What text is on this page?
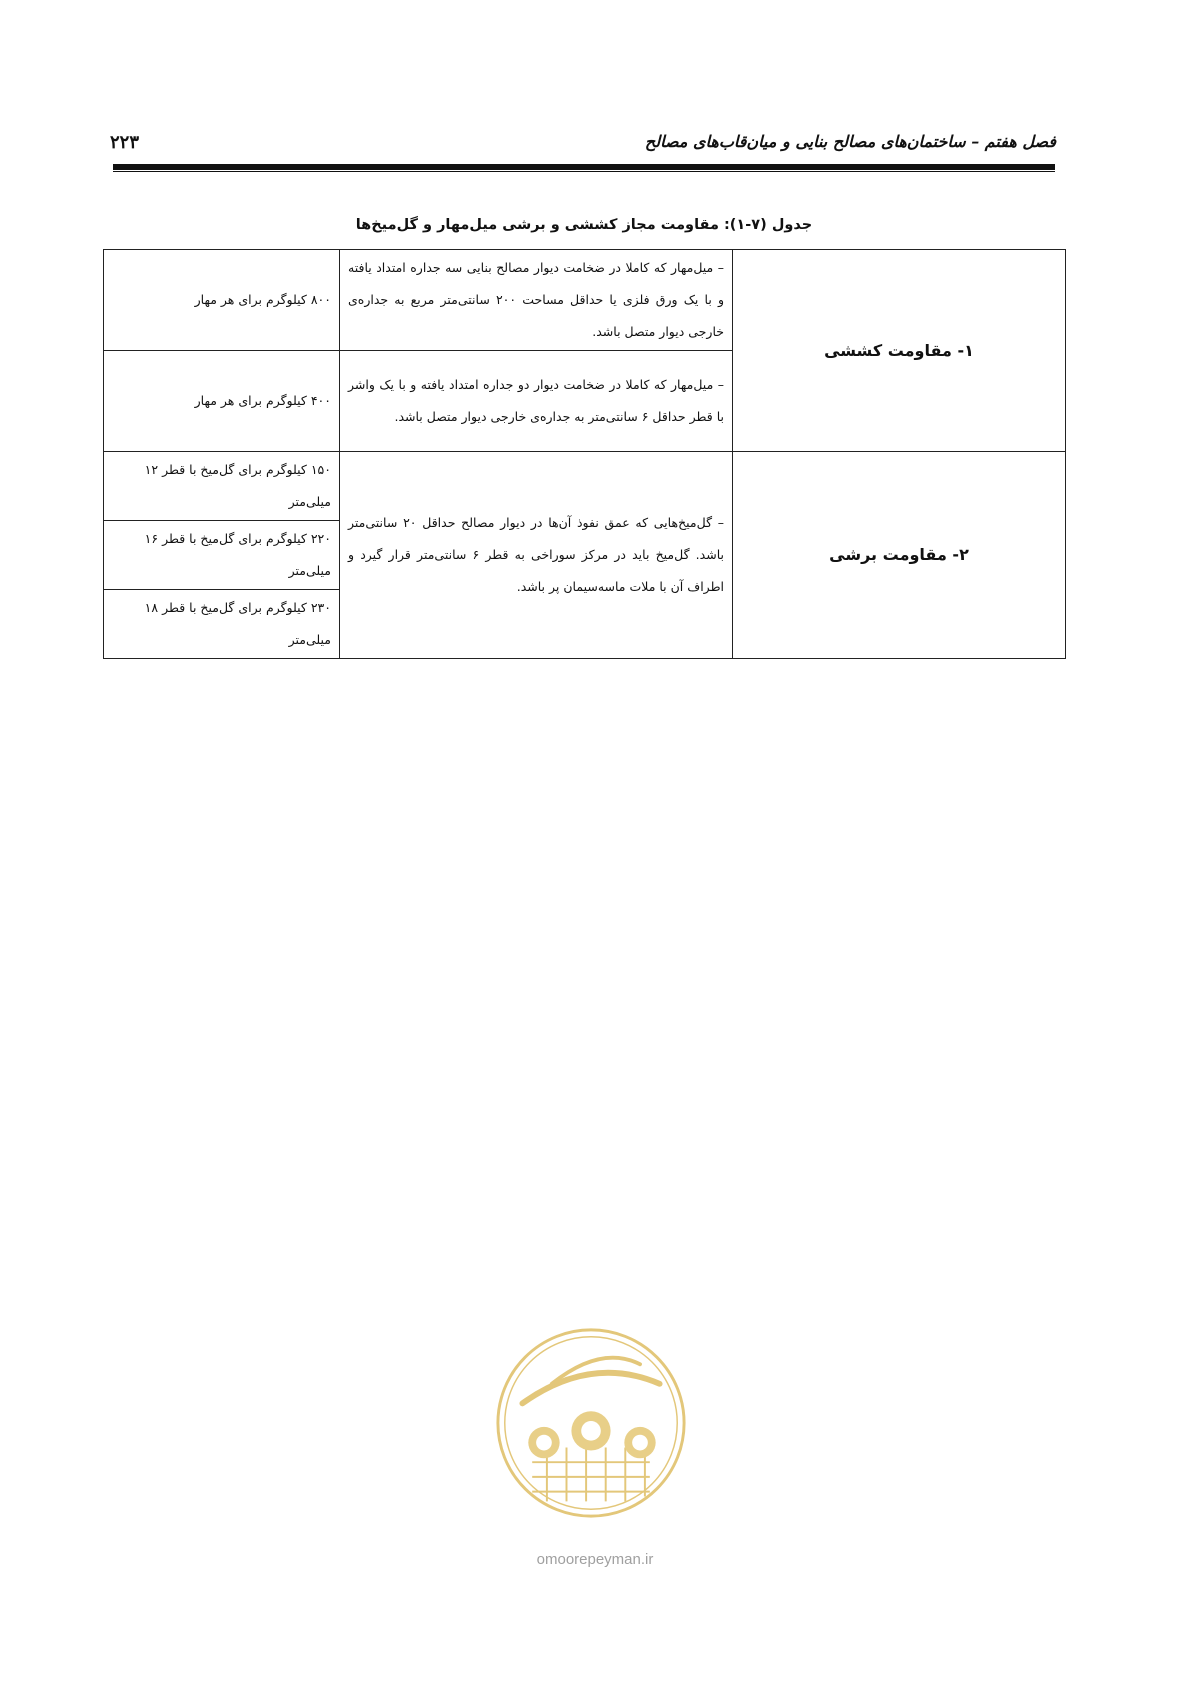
فصل هفتم – ساختمان‌های مصالح بنایی و میان‌قاب‌های مصالح
۲۲۳
جدول (۷-۱): مقاومت مجاز کششی و برشی میل‌مهار و گل‌میخ‌ها
۱- مقاومت کششی	– میل‌مهار که کاملا در ضخامت دیوار مصالح بنایی سه جداره امتداد یافته و با یک ورق فلزی یا حداقل مساحت ۲۰۰ سانتی‌متر مربع به جداره‌ی خارجی دیوار متصل باشد.	۸۰۰ کیلوگرم برای هر مهار
	– میل‌مهار که کاملا در ضخامت دیوار دو جداره امتداد یافته و با یک واشر با قطر حداقل ۶ سانتی‌متر به جداره‌ی خارجی دیوار متصل باشد.	۴۰۰ کیلوگرم برای هر مهار
۲- مقاومت برشی	– گل‌میخ‌هایی که عمق نفوذ آن‌ها در دیوار مصالح حداقل ۲۰ سانتی‌متر باشد. گل‌میخ باید در مرکز سوراخی به قطر ۶ سانتی‌متر قرار گیرد و اطراف آن با ملات ماسه‌سیمان پر باشد.	۱۵۰ کیلوگرم برای گل‌میخ با قطر ۱۲ میلی‌متر
		۲۲۰ کیلوگرم برای گل‌میخ با قطر ۱۶ میلی‌متر
		۲۳۰ کیلوگرم برای گل‌میخ با قطر ۱۸ میلی‌متر
omoorepeyman.ir
